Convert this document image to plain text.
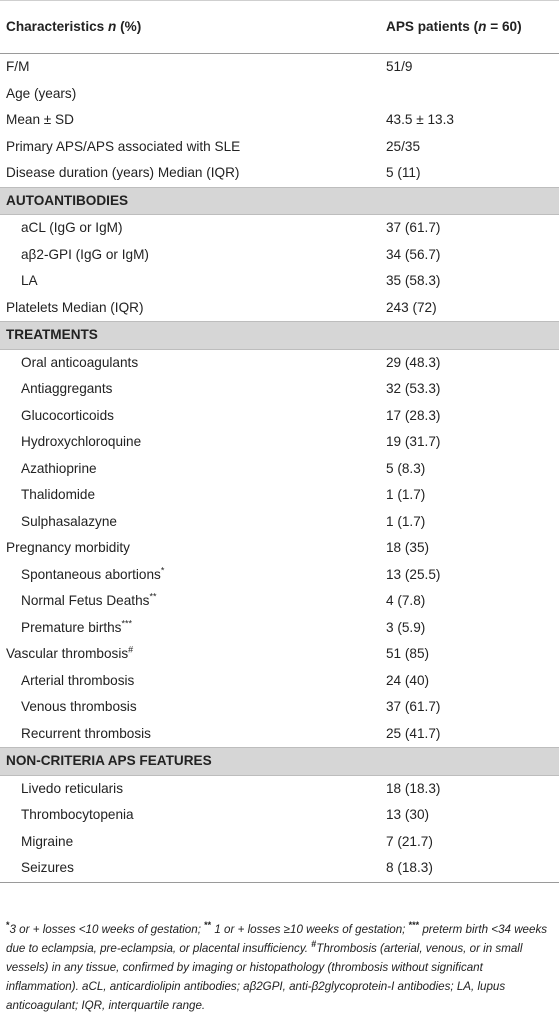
Characteristics n (%)	APS patients (n = 60)
F/M	51/9
Age (years)	
Mean ± SD	43.5 ± 13.3
Primary APS/APS associated with SLE	25/35
Disease duration (years) Median (IQR)	5 (11)
AUTOANTIBODIES	
aCL (IgG or IgM)	37 (61.7)
aβ2-GPI (IgG or IgM)	34 (56.7)
LA	35 (58.3)
Platelets Median (IQR)	243 (72)
TREATMENTS	
Oral anticoagulants	29 (48.3)
Antiaggregants	32 (53.3)
Glucocorticoids	17 (28.3)
Hydroxychloroquine	19 (31.7)
Azathioprine	5 (8.3)
Thalidomide	1 (1.7)
Sulphasalazyne	1 (1.7)
Pregnancy morbidity	18 (35)
Spontaneous abortions*	13 (25.5)
Normal Fetus Deaths**	4 (7.8)
Premature births***	3 (5.9)
Vascular thrombosis#	51 (85)
Arterial thrombosis	24 (40)
Venous thrombosis	37 (61.7)
Recurrent thrombosis	25 (41.7)
NON-CRITERIA APS FEATURES	
Livedo reticularis	18 (18.3)
Thrombocytopenia	13 (30)
Migraine	7 (21.7)
Seizures	8 (18.3)
*3 or + losses <10 weeks of gestation; ** 1 or + losses ≥10 weeks of gestation; *** preterm birth <34 weeks due to eclampsia, pre-eclampsia, or placental insufficiency. #Thrombosis (arterial, venous, or in small vessels) in any tissue, confirmed by imaging or histopathology (thrombosis without significant inflammation). aCL, anticardiolipin antibodies; aβ2GPI, anti-β2glycoprotein-I antibodies; LA, lupus anticoagulant; IQR, interquartile range.
